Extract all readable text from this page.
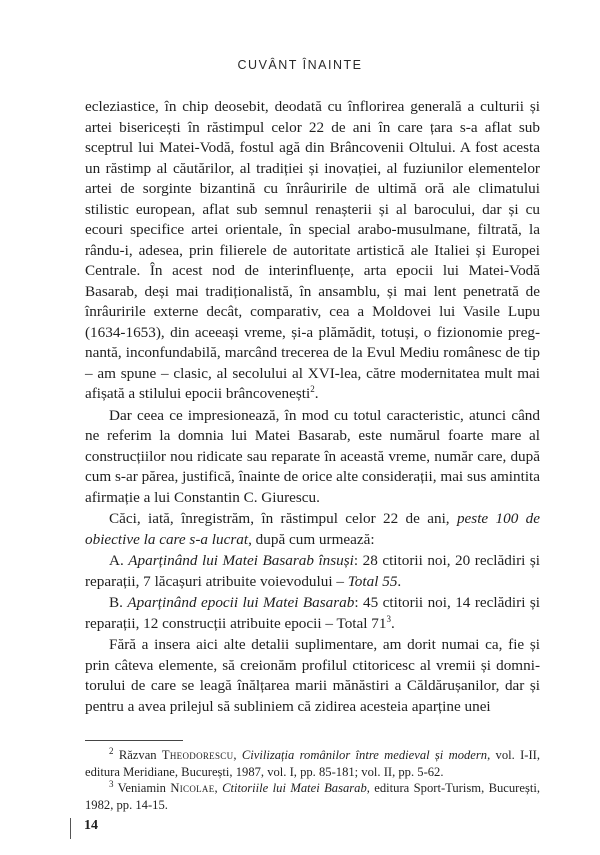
CUVÂNT ÎNAINTE

ecleziastice, în chip deosebit, deodată cu înflorirea generală a culturii și artei bisericești în răstimpul celor 22 de ani în care țara s-a aflat sub sceptrul lui Matei-Vodă, fostul agă din Brâncovenii Oltului. A fost acesta un răstimp al căutărilor, al tradiției și inovației, al fuziunilor elementelor artei de sorginte bizantină cu înrâuririle de ultimă oră ale climatului stilistic european, aflat sub semnul renașterii și al barocului, dar și cu ecouri specifice artei orientale, în special arabo-musulmane, filtrată, la rându-i, adesea, prin filierele de autoritate artistică ale Italiei și Europei Centrale. În acest nod de interinfluențe, arta epocii lui Matei-Vodă Basarab, deși mai tradiționalistă, în ansamblu, și mai lent penetrată de înrâuririle externe decât, comparativ, cea a Moldovei lui Vasile Lupu (1634-1653), din aceeași vreme, și-a plămădit, totuși, o fizionomie pregnantă, inconfundabilă, marcând trecerea de la Evul Mediu românesc de tip – am spune – clasic, al secolului al XVI-lea, către modernitatea mult mai afișată a stilului epocii brâncovenești$^2$.

Dar ceea ce impresionează, în mod cu totul caracteristic, atunci când ne referim la domnia lui Matei Basarab, este numărul foarte mare al construcțiilor nou ridicate sau reparate în această vreme, număr care, după cum s-ar părea, justifică, înainte de orice alte considerații, mai sus amintita afirmație a lui Constantin C. Giurescu.

Căci, iată, înregistrăm, în răstimpul celor 22 de ani, peste 100 de obiective la care s-a lucrat, după cum urmează:

A. Aparținând lui Matei Basarab însuși: 28 ctitorii noi, 20 reclădiri și reparații, 7 lăcașuri atribuite voievodului – Total 55.

B. Aparținând epocii lui Matei Basarab: 45 ctitorii noi, 14 reclădiri și reparații, 12 construcții atribuite epocii – Total $71^3$.

Fără a insera aici alte detalii suplimentare, am dorit numai ca, fie și prin câteva elemente, să creionăm profilul ctitoricesc al vremii și domnitorului de care se leagă înălțarea marii mănăstiri a Căldărușanilor, dar și pentru a avea prilejul să subliniem că zidirea acesteia aparține unei

$^2$ Răzvan Theodorescu, Civilizația românilor între medieval și modern, vol. I-II, editura Meridiane, București, 1987, vol. I, pp. 85-181; vol. II, pp. 5-62.

$^3$ Veniamin Nicolae, Ctitoriile lui Matei Basarab, editura Sport-Turism, București, 1982, pp. 14-15.

14
